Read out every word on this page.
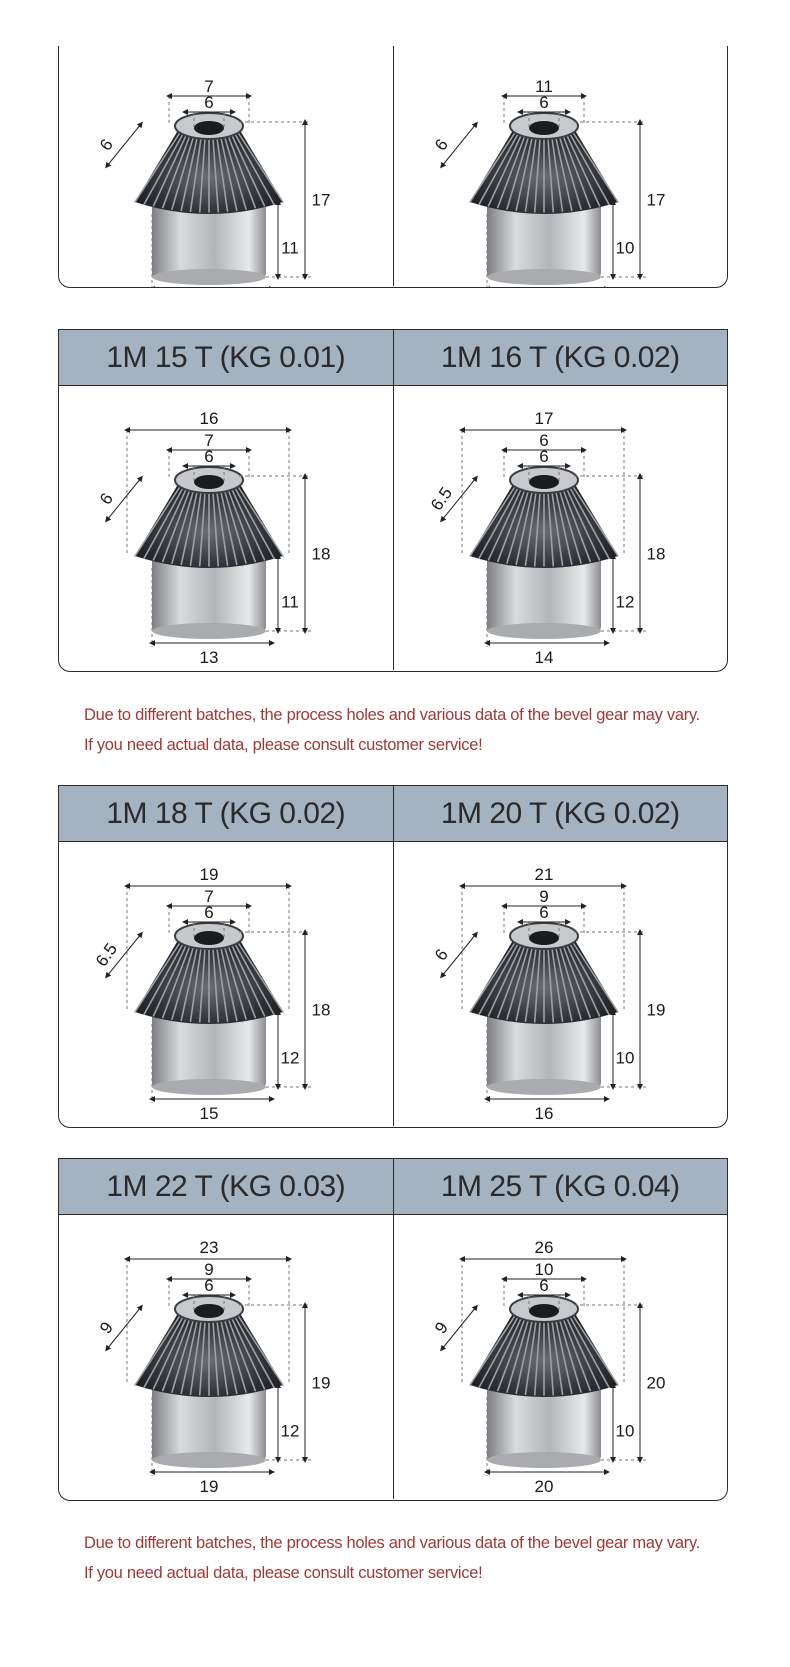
17
11
13
7
6
6
17
10
16
11
6
6
1M 15 T (KG 0.01)	1M 16 T (KG 0.02)
18
11
13
16
7
6
6
18
12
14
17
6
6
6.5
Due to different batches, the process holes and various data of the bevel gear may vary.
If you need actual data, please consult customer service!
1M 18 T (KG 0.02)	1M 20 T (KG 0.02)
18
12
15
19
7
6
6.5
19
10
16
21
9
6
6
1M 22 T (KG 0.03)	1M 25 T (KG 0.04)
19
12
19
23
9
6
9
20
10
20
26
10
6
9
Due to different batches, the process holes and various data of the bevel gear may vary.
If you need actual data, please consult customer service!
